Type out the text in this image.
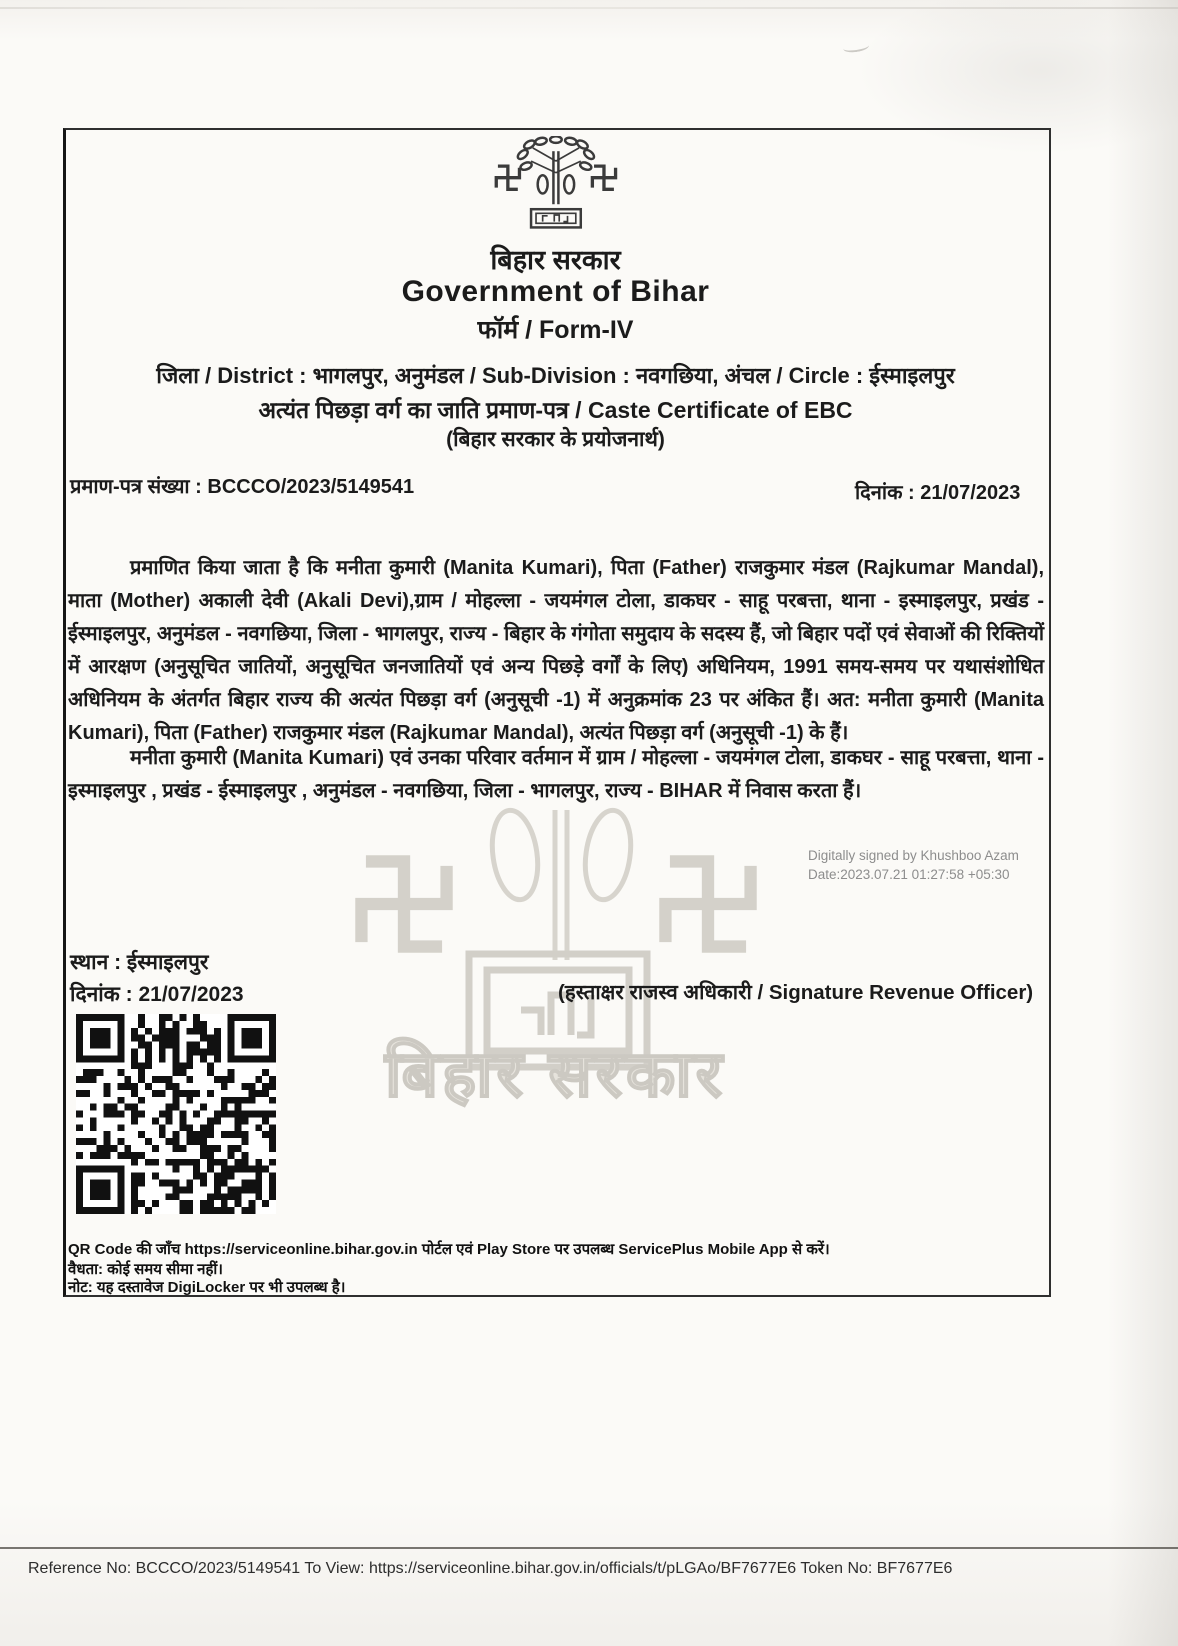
बिहार सरकार
बिहार सरकार
Government of Bihar
फॉर्म / Form-IV
जिला / District : भागलपुर, अनुमंडल / Sub-Division : नवगछिया, अंचल / Circle : ईस्माइलपुर
अत्यंत पिछड़ा वर्ग का जाति प्रमाण-पत्र / Caste Certificate of EBC
(बिहार सरकार के प्रयोजनार्थ)
प्रमाण-पत्र संख्या : BCCCO/2023/5149541	दिनांक : 21/07/2023
प्रमाणित किया जाता है कि मनीता कुमारी (Manita Kumari), पिता (Father) राजकुमार मंडल (Rajkumar Mandal), माता (Mother) अकाली देवी (Akali Devi),ग्राम / मोहल्ला - जयमंगल टोला, डाकघर - साहू परबत्ता, थाना - इस्माइलपुर, प्रखंड - ईस्माइलपुर, अनुमंडल - नवगछिया, जिला - भागलपुर, राज्य - बिहार के गंगोता समुदाय के सदस्य हैं, जो बिहार पदों एवं सेवाओं की रिक्तियों में आरक्षण (अनुसूचित जातियों, अनुसूचित जनजातियों एवं अन्य पिछड़े वर्गों के लिए) अधिनियम, 1991 समय-समय पर यथासंशोधित अधिनियम के अंतर्गत बिहार राज्य की अत्यंत पिछड़ा वर्ग (अनुसूची -1) में अनुक्रमांक 23 पर अंकित हैं। अत: मनीता कुमारी (Manita Kumari), पिता (Father) राजकुमार मंडल (Rajkumar Mandal), अत्यंत पिछड़ा वर्ग (अनुसूची -1) के हैं।
मनीता कुमारी (Manita Kumari) एवं उनका परिवार वर्तमान में ग्राम / मोहल्ला - जयमंगल टोला, डाकघर - साहू परबत्ता, थाना - इस्माइलपुर , प्रखंड - ईस्माइलपुर , अनुमंडल - नवगछिया, जिला - भागलपुर, राज्य - BIHAR में निवास करता हैं।
Digitally signed by Khushboo Azam
Date:2023.07.21 01:27:58 +05:30
स्थान : ईस्माइलपुर
दिनांक : 21/07/2023	(हस्ताक्षर राजस्व अधिकारी / Signature Revenue Officer)
QR Code की जाँच https://serviceonline.bihar.gov.in पोर्टल एवं Play Store पर उपलब्ध ServicePlus Mobile App से करें।
वैधता: कोई समय सीमा नहीं।
नोट: यह दस्तावेज DigiLocker पर भी उपलब्ध है।
Reference No: BCCCO/2023/5149541 To View: https://serviceonline.bihar.gov.in/officials/t/pLGAo/BF7677E6 Token No: BF7677E6
